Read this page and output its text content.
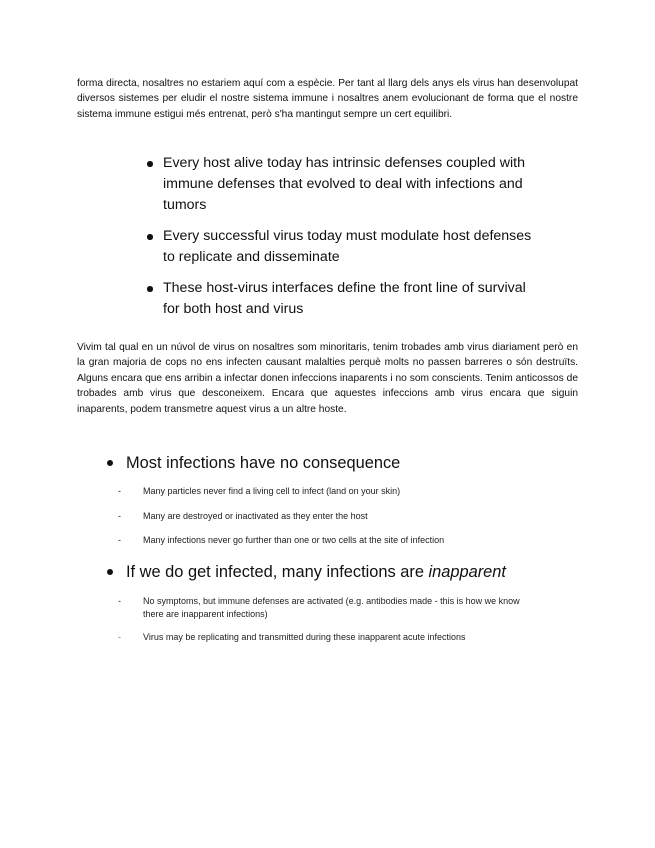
forma directa, nosaltres no estariem aquí com a espècie. Per tant al llarg dels anys els virus han desenvolupat diversos sistemes per eludir el nostre sistema immune i nosaltres anem evolucionant de forma que el nostre sistema immune estigui més entrenat, però s'ha mantingut sempre un cert equilibri.

Every host alive today has intrinsic defenses coupled with immune defenses that evolved to deal with infections and tumors
Every successful virus today must modulate host defenses to replicate and disseminate
These host-virus interfaces define the front line of survival for both host and virus

Vivim tal qual en un núvol de virus on nosaltres som minoritaris, tenim trobades amb virus diariament però en la gran majoria de cops no ens infecten causant malalties perquè molts no passen barreres o són destruïts. Alguns encara que ens arribin a infectar donen infeccions inaparents i no som conscients. Tenim anticossos de trobades amb virus que desconeixem. Encara que aquestes infeccions amb virus encara que siguin inaparents, podem transmetre aquest virus a un altre hoste.

Most infections have no consequence
- Many particles never find a living cell to infect (land on your skin)
- Many are destroyed or inactivated as they enter the host
- Many infections never go further than one or two cells at the site of infection
If we do get infected, many infections are inapparent
- No symptoms, but immune defenses are activated (e.g. antibodies made - this is how we know there are inapparent infections)
- Virus may be replicating and transmitted during these inapparent acute infections
